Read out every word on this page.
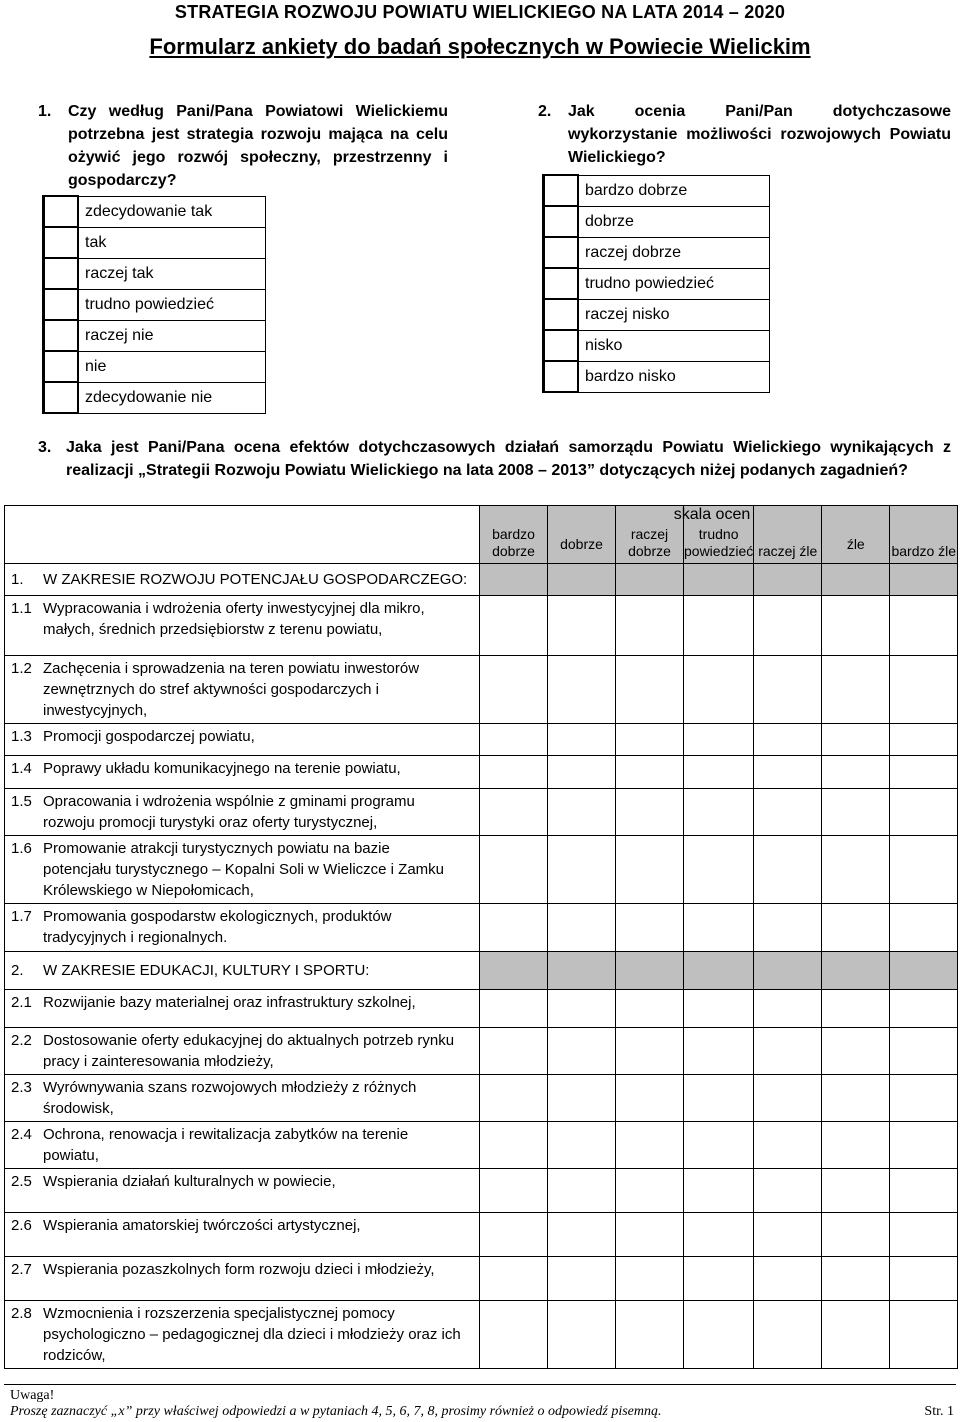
STRATEGIA ROZWOJU POWIATU WIELICKIEGO NA LATA 2014 – 2020
Formularz ankiety do badań społecznych w Powiecie Wielickim
1. Czy według Pani/Pana Powiatowi Wielickiemu potrzebna jest strategia rozwoju mająca na celu ożywić jego rozwój społeczny, przestrzenny i gospodarczy?
	zdecydowanie tak
	tak
	raczej tak
	trudno powiedzieć
	raczej nie
	nie
	zdecydowanie nie
2. Jak ocenia Pani/Pan dotychczasowe wykorzystanie możliwości rozwojowych Powiatu Wielickiego?
	bardzo dobrze
	dobrze
	raczej dobrze
	trudno powiedzieć
	raczej nisko
	nisko
	bardzo nisko
3. Jaka jest Pani/Pana ocena efektów dotychczasowych działań samorządu Powiatu Wielickiego wynikających z realizacji „Strategii Rozwoju Powiatu Wielickiego na lata 2008 – 2013” dotyczących niżej podanych zagadnień?
	bardzo dobrze	dobrze	raczej dobrze	trudno powiedzieć	raczej źle	źle	bardzo źle
1. W ZAKRESIE ROZWOJU POTENCJAŁU GOSPODARCZEGO:							
1.1 Wypracowania i wdrożenia oferty inwestycyjnej dla mikro, małych, średnich przedsiębiorstw z terenu powiatu,							
1.2 Zachęcenia i sprowadzenia na teren powiatu inwestorów zewnętrznych do stref aktywności gospodarczych i inwestycyjnych,							
1.3 Promocji gospodarczej powiatu,							
1.4 Poprawy układu komunikacyjnego na terenie powiatu,							
1.5 Opracowania i wdrożenia wspólnie z gminami programu rozwoju promocji turystyki oraz oferty turystycznej,							
1.6 Promowanie atrakcji turystycznych powiatu na bazie potencjału turystycznego – Kopalni Soli w Wieliczce i Zamku Królewskiego w Niepołomicach,							
1.7 Promowania gospodarstw ekologicznych, produktów tradycyjnych i regionalnych.							
2. W ZAKRESIE EDUKACJI, KULTURY I SPORTU:							
2.1 Rozwijanie bazy materialnej oraz infrastruktury szkolnej,							
2.2 Dostosowanie oferty edukacyjnej do aktualnych potrzeb rynku pracy i zainteresowania młodzieży,							
2.3 Wyrównywania szans rozwojowych młodzieży z różnych środowisk,							
2.4 Ochrona, renowacja i rewitalizacja zabytków na terenie powiatu,							
2.5 Wspierania działań kulturalnych w powiecie,							
2.6 Wspierania amatorskiej twórczości artystycznej,							
2.7 Wspierania pozaszkolnych form rozwoju dzieci i młodzieży,							
2.8 Wzmocnienia i rozszerzenia specjalistycznej pomocy psychologiczno – pedagogicznej dla dzieci i młodzieży oraz ich rodziców,							
skala ocen
Uwaga!
Proszę zaznaczyć „x” przy właściwej odpowiedzi a w pytaniach 4, 5, 6, 7, 8, prosimy również o odpowiedź pisemną.	Str. 1
